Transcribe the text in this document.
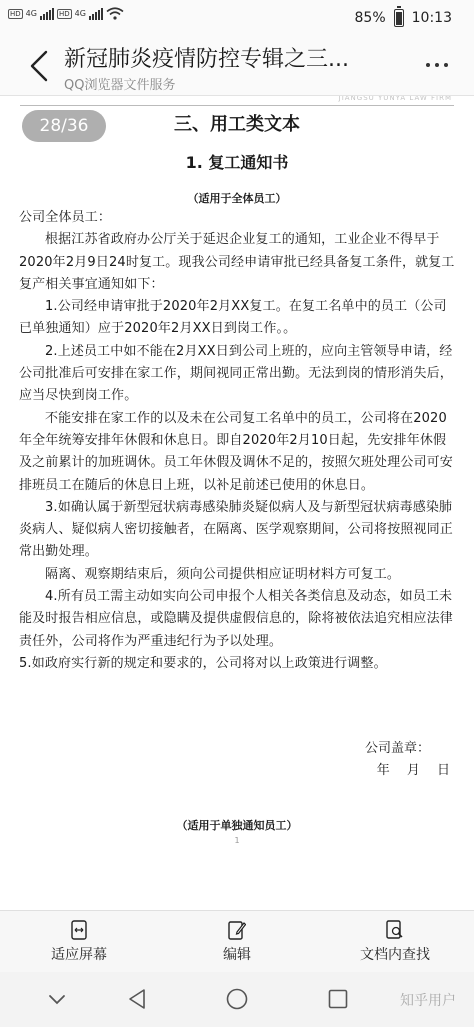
HD 4G	HD 4G	85% 10:13
新冠肺炎疫情防控专辑之三...
QQ浏览器文件服务
JIANGSU YUNYA LAW FIRM
三、用工类文本
28/36
1. 复工通知书
（适用于全体员工）

公司全体员工：

根据江苏省政府办公厅关于延迟企业复工的通知，工业企业不得早于2020年2月9日24时复工。现我公司经申请审批已经具备复工条件，就复工复产相关事宜通知如下：

1.公司经申请审批于2020年2月XX复工。在复工名单中的员工（公司已单独通知）应于2020年2月XX日到岗工作。。

2.上述员工中如不能在2月XX日到公司上班的，应向主管领导申请，经公司批准后可安排在家工作，期间视同正常出勤。无法到岗的情形消失后，应当尽快到岗工作。

不能安排在家工作的以及未在公司复工名单中的员工，公司将在2020年全年统筹安排年休假和休息日。即自2020年2月10日起，先安排年休假及之前累计的加班调休。员工年休假及调休不足的，按照欠班处理公司可安排班员工在随后的休息日上班，以补足前述已使用的休息日。

3.如确认属于新型冠状病毒感染肺炎疑似病人及与新型冠状病毒感染肺炎病人、疑似病人密切接触者，在隔离、医学观察期间，公司将按照视同正常出勤处理。

隔离、观察期结束后，须向公司提供相应证明材料方可复工。

4.所有员工需主动如实向公司申报个人相关各类信息及动态，如员工未能及时报告相应信息，或隐瞒及提供虚假信息的，除将被依法追究相应法律责任外，公司将作为严重违纪行为予以处理。

5.如政府实行新的规定和要求的，公司将对以上政策进行调整。

公司盖章：
年　 月　 日
（适用于单独通知员工）
1
适应屏幕	编辑	文档内查找
知乎用户
